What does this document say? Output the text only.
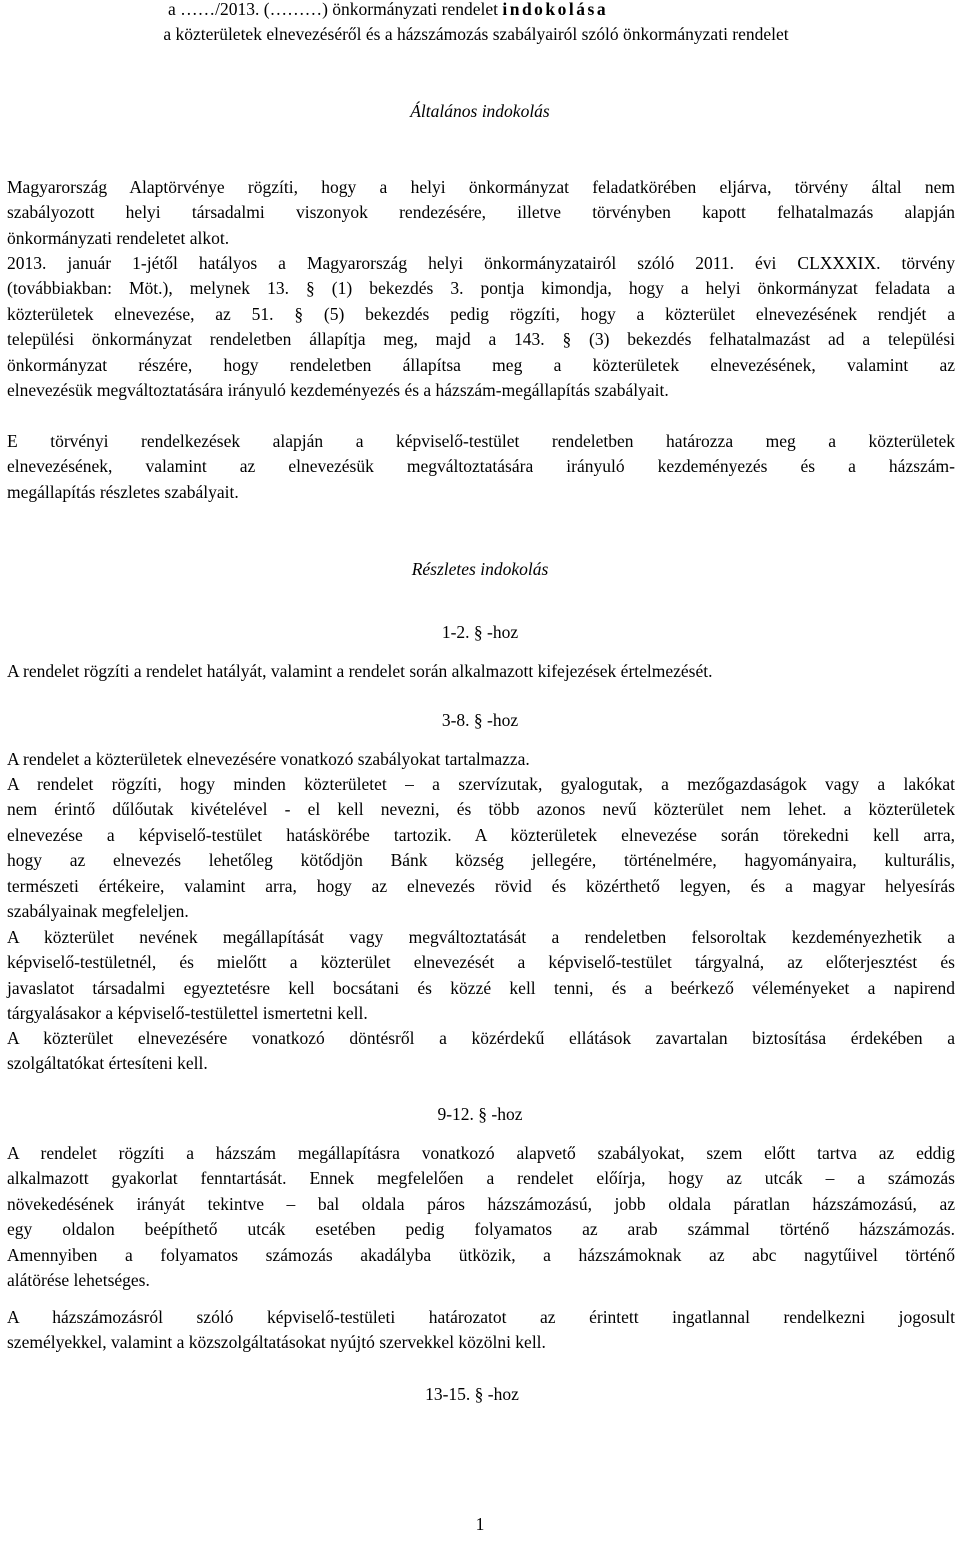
a ……/2013. (………) önkormányzati rendelet indokolása
a közterületek elnevezéséről és a házszámozás szabályairól szóló önkormányzati rendelet
Általános indokolás
Magyarország Alaptörvénye rögzíti, hogy a helyi önkormányzat feladatkörében eljárva, törvény által nem
szabályozott helyi társadalmi viszonyok rendezésére, illetve törvényben kapott felhatalmazás alapján
önkormányzati rendeletet alkot.
2013. január 1-jétől hatályos a Magyarország helyi önkormányzatairól szóló 2011. évi CLXXXIX. törvény
(továbbiakban: Möt.), melynek 13. § (1) bekezdés 3. pontja kimondja, hogy a helyi önkormányzat feladata a
közterületek elnevezése, az 51. § (5) bekezdés pedig rögzíti, hogy a közterület elnevezésének rendjét a
települési önkormányzat rendeletben állapítja meg, majd a 143. § (3) bekezdés felhatalmazást ad a települési
önkormányzat részére, hogy rendeletben állapítsa meg a közterületek elnevezésének, valamint az
elnevezésük megváltoztatására irányuló kezdeményezés és a házszám-megállapítás szabályait.
E törvényi rendelkezések alapján a képviselő-testület rendeletben határozza meg a közterületek
elnevezésének, valamint az elnevezésük megváltoztatására irányuló kezdeményezés és a házszám-
megállapítás részletes szabályait.
Részletes indokolás
1-2. § -hoz
A rendelet rögzíti a rendelet hatályát, valamint a rendelet során alkalmazott kifejezések értelmezését.
3-8. § -hoz
A rendelet a közterületek elnevezésére vonatkozó szabályokat tartalmazza.
A rendelet rögzíti, hogy minden közterületet ‒ a szervízutak, gyalogutak, a mezőgazdaságok vagy a lakókat
nem érintő dűlőutak kivételével - el kell nevezni, és több azonos nevű közterület nem lehet. a közterületek
elnevezése a képviselő-testület hatáskörébe tartozik. A közterületek elnevezése során törekedni kell arra,
hogy az elnevezés lehetőleg kötődjön Bánk község jellegére, történelmére, hagyományaira, kulturális,
természeti értékeire, valamint arra, hogy az elnevezés rövid és közérthető legyen, és a magyar helyesírás
szabályainak megfeleljen.
A közterület nevének megállapítását vagy megváltoztatását a rendeletben felsoroltak kezdeményezhetik a
képviselő-testületnél, és mielőtt a közterület elnevezését a képviselő-testület tárgyalná, az előterjesztést és
javaslatot társadalmi egyeztetésre kell bocsátani és közzé kell tenni, és a beérkező véleményeket a napirend
tárgyalásakor a képviselő-testülettel ismertetni kell.
A közterület elnevezésére vonatkozó döntésről a közérdekű ellátások zavartalan biztosítása érdekében a
szolgáltatókat értesíteni kell.
9-12. § -hoz
A rendelet rögzíti a házszám megállapításra vonatkozó alapvető szabályokat, szem előtt tartva az eddig
alkalmazott gyakorlat fenntartását. Ennek megfelelően a rendelet előírja, hogy az utcák ‒ a számozás
növekedésének irányát tekintve ‒ bal oldala páros házszámozású, jobb oldala páratlan házszámozású, az
egy oldalon beépíthető utcák esetében pedig folyamatos az arab számmal történő házszámozás.
Amennyiben a folyamatos számozás akadályba ütközik, a házszámoknak az abc nagytűivel történő
alátörése lehetséges.
A házszámozásról szóló képviselő-testületi határozatot az érintett ingatlannal rendelkezni jogosult
személyekkel, valamint a közszolgáltatásokat nyújtó szervekkel közölni kell.
13-15. § -hoz
1
